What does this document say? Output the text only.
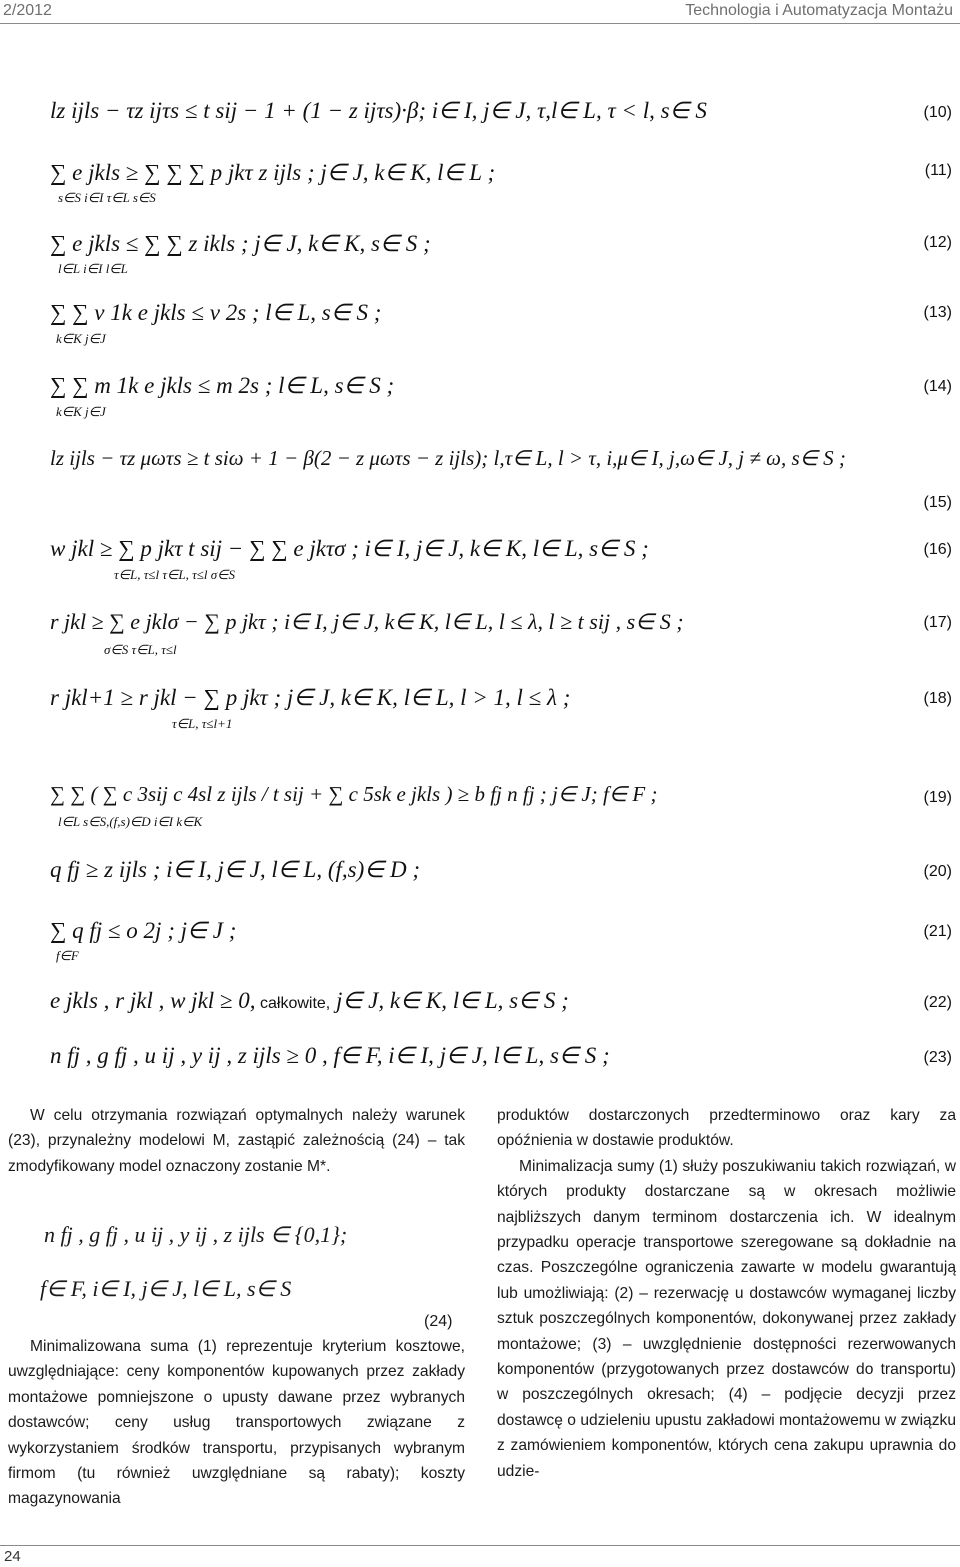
2/2012	Technologia i Automatyzacja Montażu
lz ijls − τz ijτs ≤ t sij − 1 + (1 − z ijτs)·β; i∈ I, j∈ J, τ,l∈ L, τ < l, s∈ S	(10)
∑ e jkls ≥ ∑ ∑ ∑ p jkτ z ijls ; j∈ J, k∈ K, l∈ L ;
s∈S i∈I τ∈L s∈S
(11)
∑ e jkls ≤ ∑ ∑ z ikls ; j∈ J, k∈ K, s∈ S ;
l∈L i∈I l∈L
(12)
∑ ∑ v 1k e jkls ≤ v 2s ; l∈ L, s∈ S ;
k∈K j∈J
(13)
∑ ∑ m 1k e jkls ≤ m 2s ; l∈ L, s∈ S ;
k∈K j∈J
(14)
lz ijls − τz μωτs ≥ t siω + 1 − β(2 − z μωτs − z ijls); l,τ∈ L, l > τ, i,μ∈ I, j,ω∈ J, j ≠ ω, s∈ S ;
(15)
w jkl ≥ ∑ p jkτ t sij − ∑ ∑ e jkτσ ; i∈ I, j∈ J, k∈ K, l∈ L, s∈ S ;
τ∈L, τ≤l τ∈L, τ≤l σ∈S
(16)
r jkl ≥ ∑ e jklσ − ∑ p jkτ ; i∈ I, j∈ J, k∈ K, l∈ L, l ≤ λ, l ≥ t sij , s∈ S ;
σ∈S τ∈L, τ≤l
(17)
r jkl+1 ≥ r jkl − ∑ p jkτ ; j∈ J, k∈ K, l∈ L, l > 1, l ≤ λ ;
τ∈L, τ≤l+1
(18)
∑ ∑ ( ∑ c 3sij c 4sl z ijls / t sij + ∑ c 5sk e jkls ) ≥ b fj n fj ; j∈ J; f∈ F ;
l∈L s∈S,(f,s)∈D i∈I k∈K
(19)
q fj ≥ z ijls ; i∈ I, j∈ J, l∈ L, (f,s)∈ D ;	(20)
∑ q fj ≤ o 2j ; j∈ J ;
f∈F
(21)
e jkls , r jkl , w jkl ≥ 0, całkowite, j∈ J, k∈ K, l∈ L, s∈ S ;	(22)
n fj , g fj , u ij , y ij , z ijls ≥ 0 , f∈ F, i∈ I, j∈ J, l∈ L, s∈ S ;	(23)

W celu otrzymania rozwiązań optymalnych należy warunek (23), przynależny modelowi M, zastąpić zależnością (24) – tak zmodyfikowany model oznaczony zostanie M*.

n fj , g fj , u ij , y ij , z ijls ∈ {0,1};
f∈ F, i∈ I, j∈ J, l∈ L, s∈ S
(24)

Minimalizowana suma (1) reprezentuje kryterium kosztowe, uwzględniające: ceny komponentów kupowanych przez zakłady montażowe pomniejszone o upusty dawane przez wybranych dostawców; ceny usług transportowych związane z wykorzystaniem środków transportu, przypisanych wybranym firmom (tu również uwzględniane są rabaty); koszty magazynowania

produktów dostarczonych przedterminowo oraz kary za opóźnienia w dostawie produktów.

Minimalizacja sumy (1) służy poszukiwaniu takich rozwiązań, w których produkty dostarczane są w okresach możliwie najbliższych danym terminom dostarczenia ich. W idealnym przypadku operacje transportowe szeregowane są dokładnie na czas. Poszczególne ograniczenia zawarte w modelu gwarantują lub umożliwiają: (2) – rezerwację u dostawców wymaganej liczby sztuk poszczególnych komponentów, dokonywanej przez zakłady montażowe; (3) – uwzględnienie dostępności rezerwowanych komponentów (przygotowanych przez dostawców do transportu) w poszczególnych okresach; (4) – podjęcie decyzji przez dostawcę o udzieleniu upustu zakładowi montażowemu w związku z zamówieniem komponentów, których cena zakupu uprawnia do udzie-

24
